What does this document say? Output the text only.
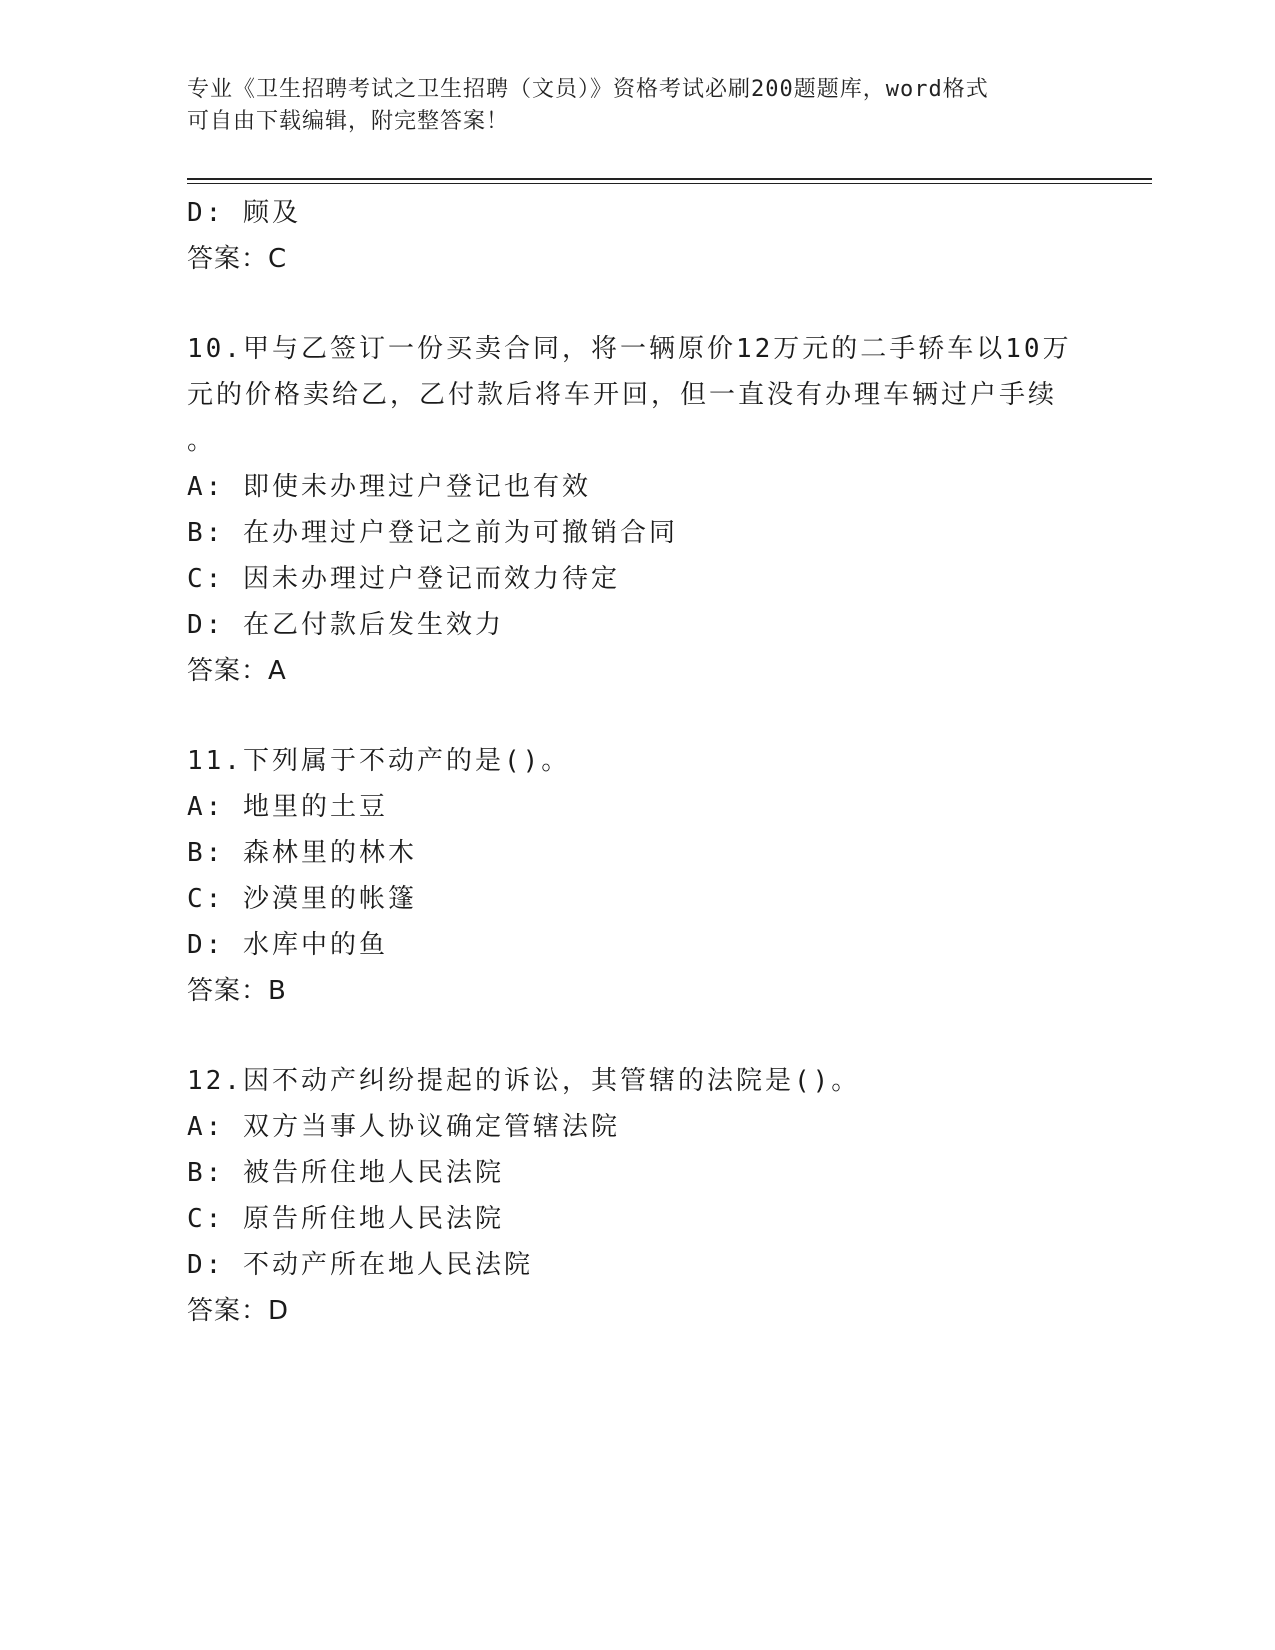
专业《卫生招聘考试之卫生招聘（文员）》资格考试必刷200题题库，word格式
可自由下载编辑，附完整答案！
D: 顾及
答案：C
10.甲与乙签订一份买卖合同，将一辆原价12万元的二手轿车以10万
元的价格卖给乙，乙付款后将车开回，但一直没有办理车辆过户手续
。
A: 即使未办理过户登记也有效
B: 在办理过户登记之前为可撤销合同
C: 因未办理过户登记而效力待定
D: 在乙付款后发生效力
答案：A
11.下列属于不动产的是()。
A: 地里的土豆
B: 森林里的林木
C: 沙漠里的帐篷
D: 水库中的鱼
答案：B
12.因不动产纠纷提起的诉讼，其管辖的法院是()。
A: 双方当事人协议确定管辖法院
B: 被告所住地人民法院
C: 原告所住地人民法院
D: 不动产所在地人民法院
答案：D
